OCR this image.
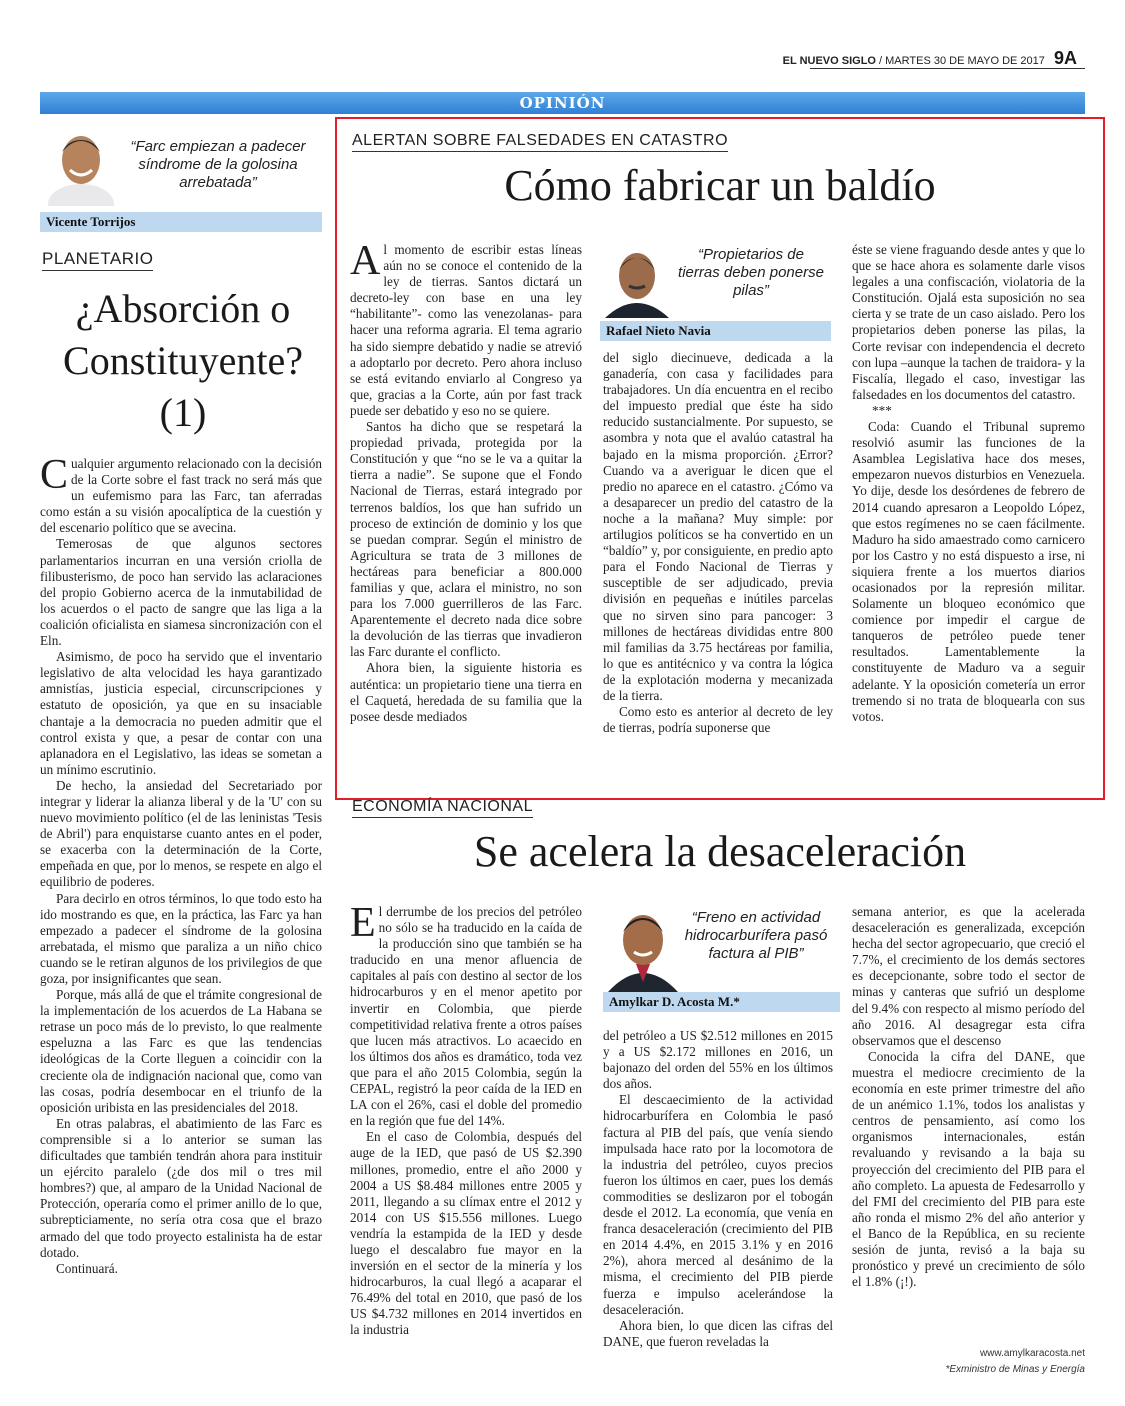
EL NUEVO SIGLO / MARTES 30 DE MAYO DE 2017 9A
OPINIÓN
“Farc empiezan a padecer síndrome de la golosina arrebatada”
Vicente Torrijos
PLANETARIO
¿Absorción o Constituyente? (1)

Cualquier argumento relacionado con la decisión de la Corte sobre el fast track no será más que un eufemismo para las Farc, tan aferradas como están a su visión apocalíptica de la cuestión y del escenario político que se avecina.

Temerosas de que algunos sectores parlamentarios incurran en una versión criolla de filibusterismo, de poco han servido las aclaraciones del propio Gobierno acerca de la inmutabilidad de los acuerdos o el pacto de sangre que las liga a la coalición oficialista en siamesa sincronización con el Eln.

Asimismo, de poco ha servido que el inventario legislativo de alta velocidad les haya garantizado amnistías, justicia especial, circunscripciones y estatuto de oposición, ya que en su insaciable chantaje a la democracia no pueden admitir que el control exista y que, a pesar de contar con una aplanadora en el Legislativo, las ideas se sometan a un mínimo escrutinio.

De hecho, la ansiedad del Secretariado por integrar y liderar la alianza liberal y de la 'U' con su nuevo movimiento político (el de las leninistas 'Tesis de Abril') para enquistarse cuanto antes en el poder, se exacerba con la determinación de la Corte, empeñada en que, por lo menos, se respete en algo el equilibrio de poderes.

Para decirlo en otros términos, lo que todo esto ha ido mostrando es que, en la práctica, las Farc ya han empezado a padecer el síndrome de la golosina arrebatada, el mismo que paraliza a un niño chico cuando se le retiran algunos de los privilegios de que goza, por insignificantes que sean.

Porque, más allá de que el trámite congresional de la implementación de los acuerdos de La Habana se retrase un poco más de lo previsto, lo que realmente espeluzna a las Farc es que las tendencias ideológicas de la Corte lleguen a coincidir con la creciente ola de indignación nacional que, como van las cosas, podría desembocar en el triunfo de la oposición uribista en las presidenciales del 2018.

En otras palabras, el abatimiento de las Farc es comprensible si a lo anterior se suman las dificultades que también tendrán ahora para instituir un ejército paralelo (¿de dos mil o tres mil hombres?) que, al amparo de la Unidad Nacional de Protección, operaría como el primer anillo de lo que, subrepticiamente, no sería otra cosa que el brazo armado del que todo proyecto estalinista ha de estar dotado.

Continuará.

ALERTAN SOBRE FALSEDADES EN CATASTRO
Cómo fabricar un baldío

Al momento de escribir estas líneas aún no se conoce el contenido de la ley de tierras. Santos dictará un decreto-ley con base en una ley “habilitante”- como las venezolanas- para hacer una reforma agraria. El tema agrario ha sido siempre debatido y nadie se atrevió a adoptarlo por decreto. Pero ahora incluso se está evitando enviarlo al Congreso ya que, gracias a la Corte, aún por fast track puede ser debatido y eso no se quiere.

Santos ha dicho que se respetará la propiedad privada, protegida por la Constitución y que “no se le va a quitar la tierra a nadie”. Se supone que el Fondo Nacional de Tierras, estará integrado por terrenos baldíos, los que han sufrido un proceso de extinción de dominio y los que se puedan comprar. Según el ministro de Agricultura se trata de 3 millones de hectáreas para beneficiar a 800.000 familias y que, aclara el ministro, no son para los 7.000 guerrilleros de las Farc. Aparentemente el decreto nada dice sobre la devolución de las tierras que invadieron las Farc durante el conflicto.

Ahora bien, la siguiente historia es auténtica: un propietario tiene una tierra en el Caquetá, heredada de su familia que la posee desde mediados

“Propietarios de tierras deben ponerse pilas”
Rafael Nieto Navia

del siglo diecinueve, dedicada a la ganadería, con casa y facilidades para trabajadores. Un día encuentra en el recibo del impuesto predial que éste ha sido reducido sustancialmente. Por supuesto, se asombra y nota que el avalúo catastral ha bajado en la misma proporción. ¿Error? Cuando va a averiguar le dicen que el predio no aparece en el catastro. ¿Cómo va a desaparecer un predio del catastro de la noche a la mañana? Muy simple: por artilugios políticos se ha convertido en un “baldío” y, por consiguiente, en predio apto para el Fondo Nacional de Tierras y susceptible de ser adjudicado, previa división en pequeñas e inútiles parcelas que no sirven sino para pancoger: 3 millones de hectáreas divididas entre 800 mil familias da 3.75 hectáreas por familia, lo que es antitécnico y va contra la lógica de la explotación moderna y mecanizada de la tierra.

Como esto es anterior al decreto de ley de tierras, podría suponerse que

éste se viene fraguando desde antes y que lo que se hace ahora es solamente darle visos legales a una confiscación, violatoria de la Constitución. Ojalá esta suposición no sea cierta y se trate de un caso aislado. Pero los propietarios deben ponerse las pilas, la Corte revisar con independencia el decreto con lupa –aunque la tachen de traidora- y la Fiscalía, llegado el caso, investigar las falsedades en los documentos del catastro.

***

Coda: Cuando el Tribunal supremo resolvió asumir las funciones de la Asamblea Legislativa hace dos meses, empezaron nuevos disturbios en Venezuela. Yo dije, desde los desórdenes de febrero de 2014 cuando apresaron a Leopoldo López, que estos regímenes no se caen fácilmente. Maduro ha sido amaestrado como carnicero por los Castro y no está dispuesto a irse, ni siquiera frente a los muertos diarios ocasionados por la represión militar. Solamente un bloqueo económico que comience por impedir el cargue de tanqueros de petróleo puede tener resultados. Lamentablemente la constituyente de Maduro va a seguir adelante. Y la oposición cometería un error tremendo si no trata de bloquearla con sus votos.

ECONOMÍA NACIONAL
Se acelera la desaceleración

El derrumbe de los precios del petróleo no sólo se ha traducido en la caída de la producción sino que también se ha traducido en una menor afluencia de capitales al país con destino al sector de los hidrocarburos y en el menor apetito por invertir en Colombia, que pierde competitividad relativa frente a otros países que lucen más atractivos. Lo acaecido en los últimos dos años es dramático, toda vez que para el año 2015 Colombia, según la CEPAL, registró la peor caída de la IED en LA con el 26%, casi el doble del promedio en la región que fue del 14%.

En el caso de Colombia, después del auge de la IED, que pasó de US $2.390 millones, promedio, entre el año 2000 y 2004 a US $8.484 millones entre 2005 y 2011, llegando a su clímax entre el 2012 y 2014 con US $15.556 millones. Luego vendría la estampida de la IED y desde luego el descalabro fue mayor en la inversión en el sector de la minería y los hidrocarburos, la cual llegó a acaparar el 76.49% del total en 2010, que pasó de los US $4.732 millones en 2014 invertidos en la industria

“Freno en actividad hidrocarburífera pasó factura al PIB”
Amylkar D. Acosta M.*

del petróleo a US $2.512 millones en 2015 y a US $2.172 millones en 2016, un bajonazo del orden del 55% en los últimos dos años.

El descaecimiento de la actividad hidrocarburífera en Colombia le pasó factura al PIB del país, que venía siendo impulsada hace rato por la locomotora de la industria del petróleo, cuyos precios fueron los últimos en caer, pues los demás commodities se deslizaron por el tobogán desde el 2012. La economía, que venía en franca desaceleración (crecimiento del PIB en 2014 4.4%, en 2015 3.1% y en 2016 2%), ahora merced al desánimo de la misma, el crecimiento del PIB pierde fuerza e impulso acelerándose la desaceleración.

Ahora bien, lo que dicen las cifras del DANE, que fueron reveladas la

semana anterior, es que la acelerada desaceleración es generalizada, excepción hecha del sector agropecuario, que creció el 7.7%, el crecimiento de los demás sectores es decepcionante, sobre todo el sector de minas y canteras que sufrió un desplome del 9.4% con respecto al mismo período del año 2016. Al desagregar esta cifra observamos que el descenso

Conocida la cifra del DANE, que muestra el mediocre crecimiento de la economía en este primer trimestre del año de un anémico 1.1%, todos los analistas y centros de pensamiento, así como los organismos internacionales, están revaluando y revisando a la baja su proyección del crecimiento del PIB para el año completo. La apuesta de Fedesarrollo y del FMI del crecimiento del PIB para este año ronda el mismo 2% del año anterior y el Banco de la República, en su reciente sesión de junta, revisó a la baja su pronóstico y prevé un crecimiento de sólo el 1.8% (¡!).

www.amylkaracosta.net
*Exministro de Minas y Energía
